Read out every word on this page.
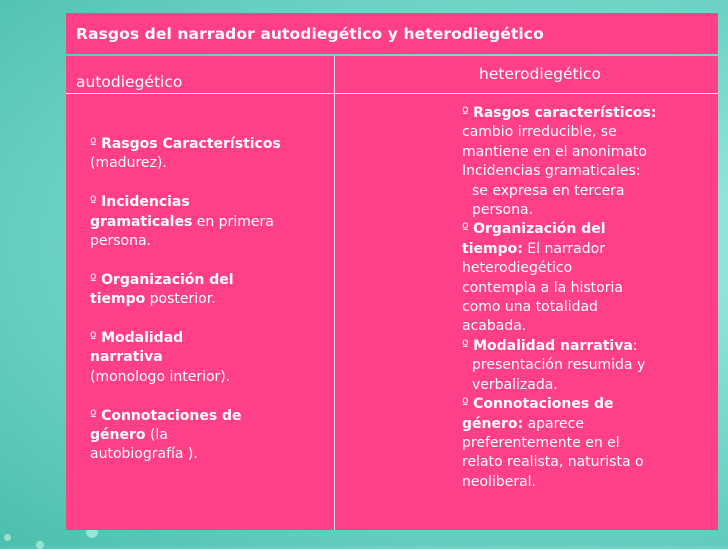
Rasgos del narrador autodiegético y heterodiegético
autodiegético	heterodiegético

º Rasgos Característicos (madurez).

º Incidencias gramaticales en primera persona.

º Organización del tiempo posterior.

º Modalidad narrativa (monologo interior).

º Connotaciones de género (la autobiografía ).

º Rasgos característicos: cambio irreducible, se mantiene en el anonimato

Incidencias gramaticales:

se expresa en tercera persona.

º Organización del tiempo: El narrador heterodiegético contempla a la historia como una totalidad acabada.

º Modalidad narrativa:

presentación resumida y verbalizada.

º Connotaciones de género: aparece preferentemente en el relato realista, naturista o neoliberal.
